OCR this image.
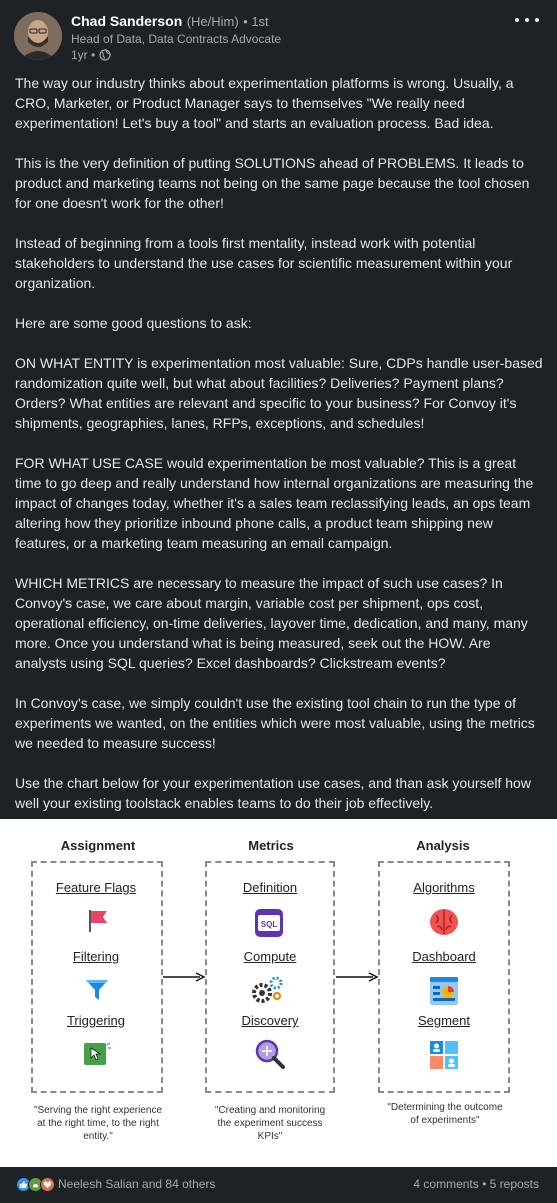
Chad Sanderson (He/Him) • 1st
Head of Data, Data Contracts Advocate
1yr •

The way our industry thinks about experimentation platforms is wrong. Usually, a CRO, Marketer, or Product Manager says to themselves "We really need experimentation! Let's buy a tool" and starts an evaluation process. Bad idea.

This is the very definition of putting SOLUTIONS ahead of PROBLEMS. It leads to product and marketing teams not being on the same page because the tool chosen for one doesn't work for the other!

Instead of beginning from a tools first mentality, instead work with potential stakeholders to understand the use cases for scientific measurement within your organization.

Here are some good questions to ask:

ON WHAT ENTITY is experimentation most valuable: Sure, CDPs handle user-based randomization quite well, but what about facilities? Deliveries? Payment plans? Orders? What entities are relevant and specific to your business? For Convoy it's shipments, geographies, lanes, RFPs, exceptions, and schedules!

FOR WHAT USE CASE would experimentation be most valuable? This is a great time to go deep and really understand how internal organizations are measuring the impact of changes today, whether it's a sales team reclassifying leads, an ops team altering how they prioritize inbound phone calls, a product team shipping new features, or a marketing team measuring an email campaign.

WHICH METRICS are necessary to measure the impact of such use cases? In Convoy's case, we care about margin, variable cost per shipment, ops cost, operational efficiency, on-time deliveries, layover time, dedication, and many, many more. Once you understand what is being measured, seek out the HOW. Are analysts using SQL queries? Excel dashboards? Clickstream events?

In Convoy's case, we simply couldn't use the existing tool chain to run the type of experiments we wanted, on the entities which were most valuable, using the metrics we needed to measure success!

Use the chart below for your experimentation use cases, and than ask yourself how well your existing toolstack enables teams to do their job effectively.

Assignment
Feature Flags
Filtering
Triggering
Metrics
Definition
SQL
Compute
Discovery
Analysis
Algorithms
Dashboard
Segment
"Serving the right experience
at the right time, to the right
entity."
"Creating and monitoring
the experiment success
KPIs"
"Determining the outcome
of experiments"
Neelesh Salian and 84 others	4 comments • 5 reposts
